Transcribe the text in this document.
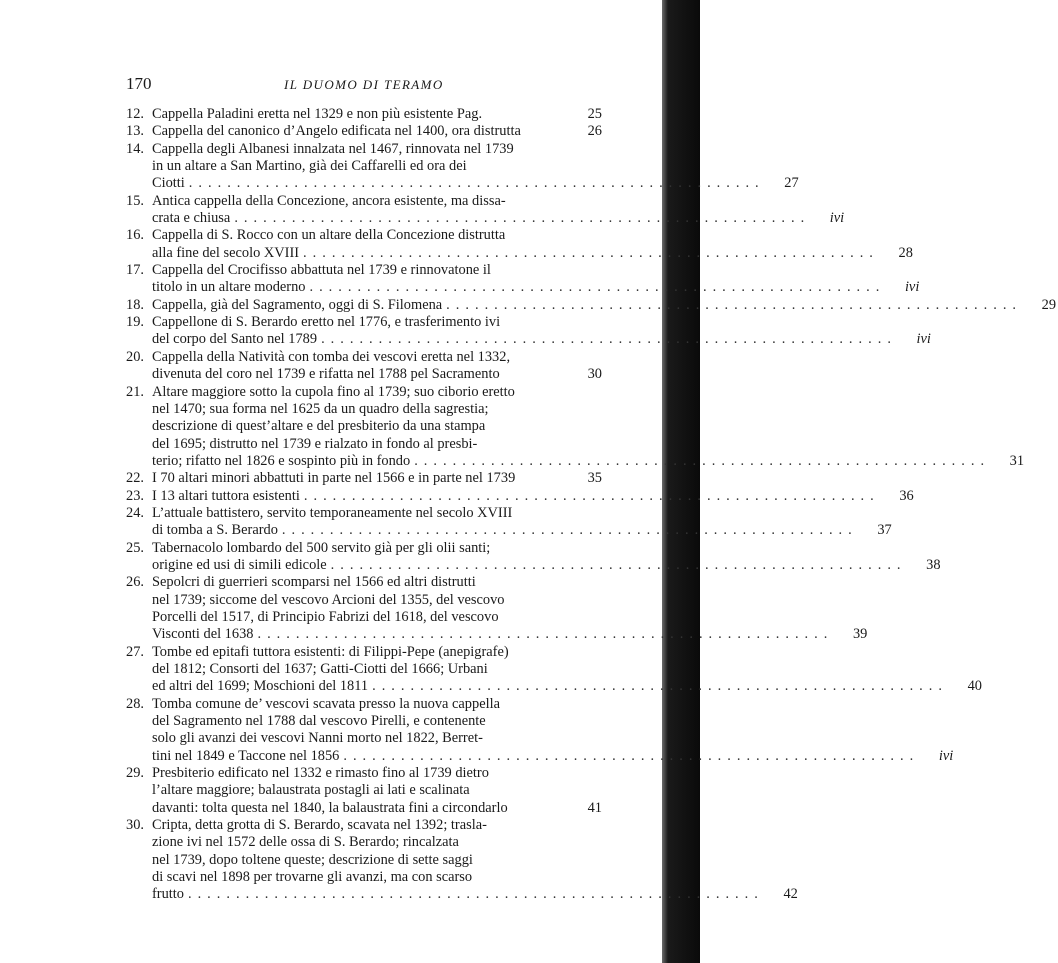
170	IL DUOMO DI TERAMO
12. Cappella Paladini eretta nel 1329 e non più esistente Pag.	25
13. Cappella del canonico d’Angelo edificata nel 1400, ora distrutta	26
14. Cappella degli Albanesi innalzata nel 1467, rinnovata nel 1739
in un altare a San Martino, già dei Caffarelli ed ora dei
Ciotti ............................................................	27
15. Antica cappella della Concezione, ancora esistente, ma dissa-
crata e chiusa ............................................................	ivi
16. Cappella di S. Rocco con un altare della Concezione distrutta
alla fine del secolo XVIII ............................................................	28
17. Cappella del Crocifisso abbattuta nel 1739 e rinnovatone il
titolo in un altare moderno ............................................................	ivi
18. Cappella, già del Sagramento, oggi di S. Filomena ............................................................	29
19. Cappellone di S. Berardo eretto nel 1776, e trasferimento ivi
del corpo del Santo nel 1789 ............................................................	ivi
20. Cappella della Natività con tomba dei vescovi eretta nel 1332,
divenuta del coro nel 1739 e rifatta nel 1788 pel Sacramento	30
21. Altare maggiore sotto la cupola fino al 1739; suo ciborio eretto
nel 1470; sua forma nel 1625 da un quadro della sagrestia;
descrizione di quest’altare e del presbiterio da una stampa
del 1695; distrutto nel 1739 e rialzato in fondo al presbi-
terio; rifatto nel 1826 e sospinto più in fondo ............................................................	31
22. I 70 altari minori abbattuti in parte nel 1566 e in parte nel 1739	35
23. I 13 altari tuttora esistenti ............................................................	36
24. L’attuale battistero, servito temporaneamente nel secolo XVIII
di tomba a S. Berardo ............................................................	37
25. Tabernacolo lombardo del 500 servito già per gli olii santi;
origine ed usi di simili edicole ............................................................	38
26. Sepolcri di guerrieri scomparsi nel 1566 ed altri distrutti
nel 1739; siccome del vescovo Arcioni del 1355, del vescovo
Porcelli del 1517, di Principio Fabrizi del 1618, del vescovo
Visconti del 1638 ............................................................	39
27. Tombe ed epitafi tuttora esistenti: di Filippi-Pepe (anepigrafe)
del 1812; Consorti del 1637; Gatti-Ciotti del 1666; Urbani
ed altri del 1699; Moschioni del 1811 ............................................................	40
28. Tomba comune de’ vescovi scavata presso la nuova cappella
del Sagramento nel 1788 dal vescovo Pirelli, e contenente
solo gli avanzi dei vescovi Nanni morto nel 1822, Berret-
tini nel 1849 e Taccone nel 1856 ............................................................	ivi
29. Presbiterio edificato nel 1332 e rimasto fino al 1739 dietro
l’altare maggiore; balaustrata postagli ai lati e scalinata
davanti: tolta questa nel 1840, la balaustrata fini a circondarlo	41
30. Cripta, detta grotta di S. Berardo, scavata nel 1392; trasla-
zione ivi nel 1572 delle ossa di S. Berardo; rincalzata
nel 1739, dopo toltene queste; descrizione di sette saggi
di scavi nel 1898 per trovarne gli avanzi, ma con scarso
frutto ............................................................	42
